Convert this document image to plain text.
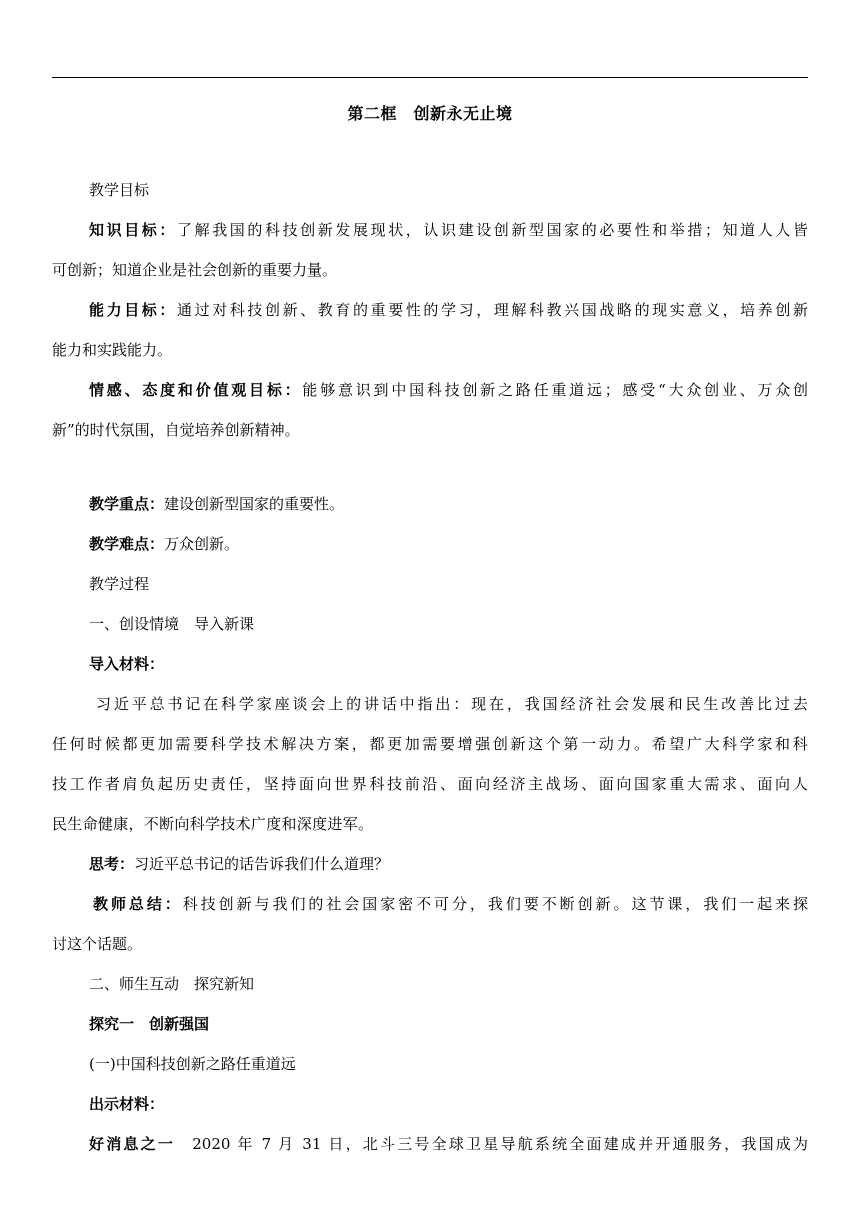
第二框　创新永无止境

教学目标

知识目标：了解我国的科技创新发展现状，认识建设创新型国家的必要性和举措；知道人人皆

可创新；知道企业是社会创新的重要力量。

能力目标：通过对科技创新、教育的重要性的学习，理解科教兴国战略的现实意义，培养创新

能力和实践能力。

情感、态度和价值观目标：能够意识到中国科技创新之路任重道远；感受“大众创业、万众创

新”的时代氛围，自觉培养创新精神。

教学重点：建设创新型国家的重要性。

教学难点：万众创新。

教学过程

一、创设情境　导入新课

导入材料：

习近平总书记在科学家座谈会上的讲话中指出：现在，我国经济社会发展和民生改善比过去

任何时候都更加需要科学技术解决方案，都更加需要增强创新这个第一动力。希望广大科学家和科

技工作者肩负起历史责任，坚持面向世界科技前沿、面向经济主战场、面向国家重大需求、面向人

民生命健康，不断向科学技术广度和深度进军。

思考：习近平总书记的话告诉我们什么道理？

教师总结：科技创新与我们的社会国家密不可分，我们要不断创新。这节课，我们一起来探

讨这个话题。

二、师生互动　探究新知

探究一　创新强国

(一)中国科技创新之路任重道远

出示材料：

好消息之一　2020 年 7 月 31 日，北斗三号全球卫星导航系统全面建成并开通服务，我国成为
